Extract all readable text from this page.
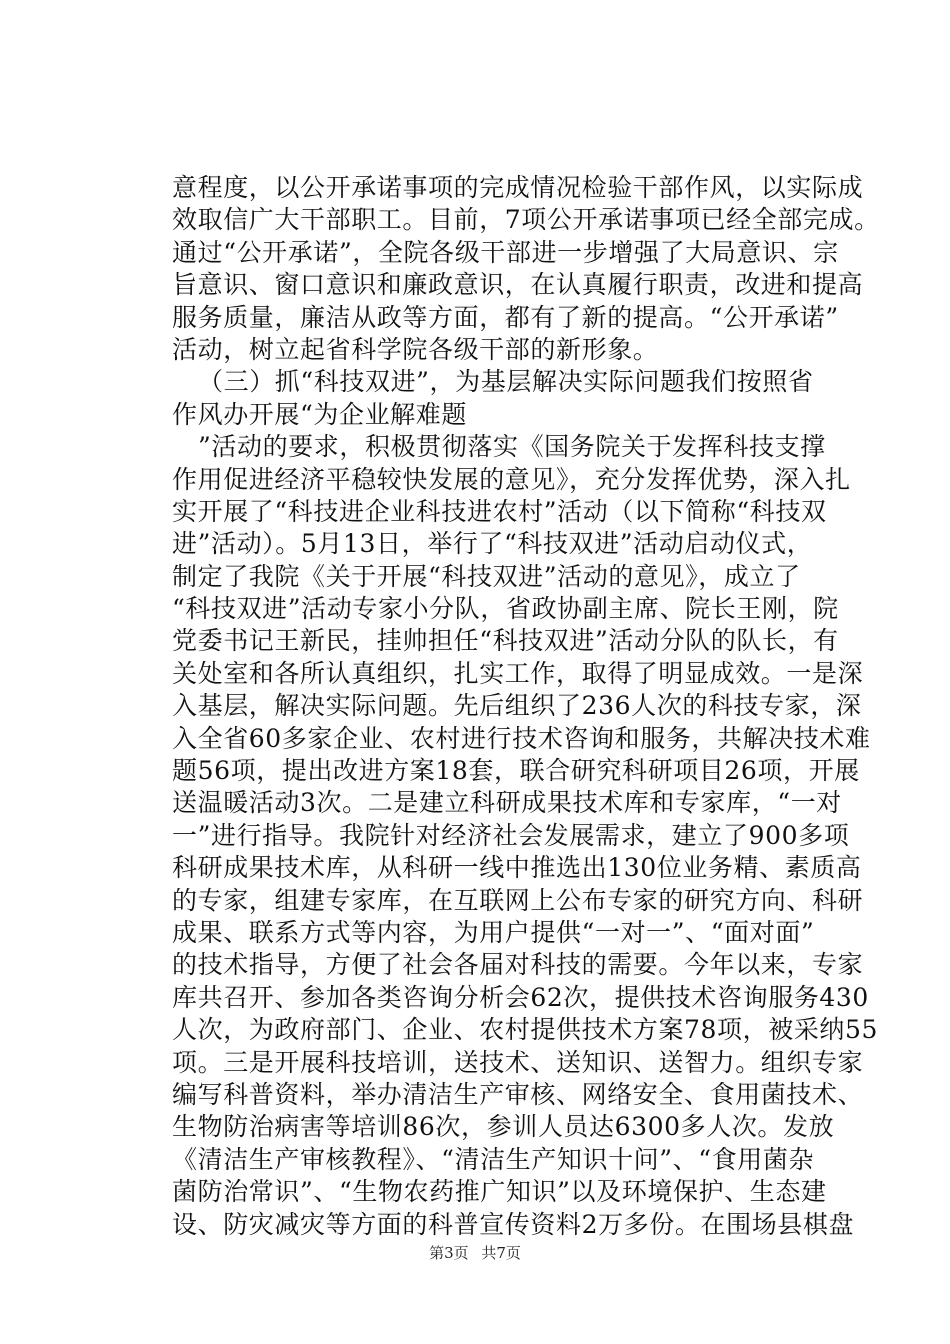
意程度，以公开承诺事项的完成情况检验干部作风，以实际成
效取信广大干部职工。目前，7项公开承诺事项已经全部完成。
通过“公开承诺”，全院各级干部进一步增强了大局意识、宗
旨意识、窗口意识和廉政意识，在认真履行职责，改进和提高
服务质量，廉洁从政等方面，都有了新的提高。“公开承诺”
活动，树立起省科学院各级干部的新形象。
（三）抓“科技双进”，为基层解决实际问题我们按照省
作风办开展“为企业解难题
”活动的要求，积极贯彻落实《国务院关于发挥科技支撑
作用促进经济平稳较快发展的意见》，充分发挥优势，深入扎
实开展了“科技进企业科技进农村”活动（以下简称“科技双
进”活动）。5月13日，举行了“科技双进”活动启动仪式，
制定了我院《关于开展“科技双进”活动的意见》，成立了
“科技双进”活动专家小分队，省政协副主席、院长王刚，院
党委书记王新民，挂帅担任“科技双进”活动分队的队长，有
关处室和各所认真组织，扎实工作，取得了明显成效。一是深
入基层，解决实际问题。先后组织了236人次的科技专家，深
入全省60多家企业、农村进行技术咨询和服务，共解决技术难
题56项，提出改进方案18套，联合研究科研项目26项，开展
送温暖活动3次。二是建立科研成果技术库和专家库，“一对
一”进行指导。我院针对经济社会发展需求，建立了900多项
科研成果技术库，从科研一线中推选出130位业务精、素质高
的专家，组建专家库，在互联网上公布专家的研究方向、科研
成果、联系方式等内容，为用户提供“一对一”、“面对面”
的技术指导，方便了社会各届对科技的需要。今年以来，专家
库共召开、参加各类咨询分析会62次，提供技术咨询服务430
人次，为政府部门、企业、农村提供技术方案78项，被采纳55
项。三是开展科技培训，送技术、送知识、送智力。组织专家
编写科普资料，举办清洁生产审核、网络安全、食用菌技术、
生物防治病害等培训86次，参训人员达6300多人次。发放
《清洁生产审核教程》、“清洁生产知识十问”、“食用菌杂
菌防治常识”、“生物农药推广知识”以及环境保护、生态建
设、防灾减灾等方面的科普宣传资料2万多份。在围场县棋盘
第3页 共7页
